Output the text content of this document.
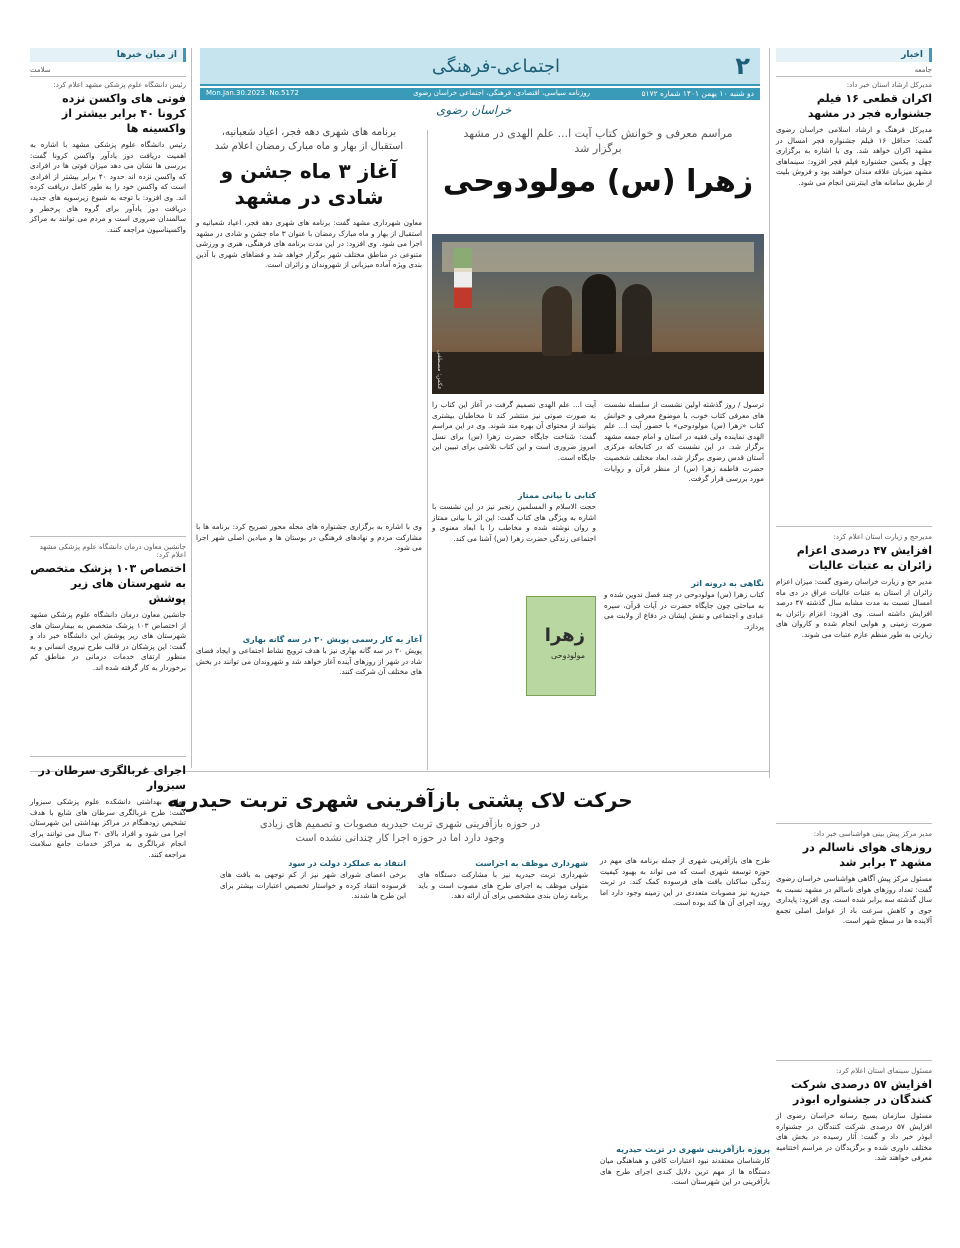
۲
اجتماعی-فرهنگی
دو شنبه ۱۰ بهمن ۱۴۰۱ شماره ۵۱۷۲
روزنامه سیاسی، اقتصادی، فرهنگی، اجتماعی خراسان رضوی
Mon.Jan.30.2023. No.5172
خراسان رضوی
اخبار
جامعه
مدیرکل ارشاد استان خبر داد:
اکران قطعی ۱۶ فیلم جشنواره فجر در مشهد
مدیرکل فرهنگ و ارشاد اسلامی خراسان رضوی گفت: حداقل ۱۶ فیلم جشنواره فجر امسال در مشهد اکران خواهد شد. وی با اشاره به برگزاری چهل و یکمین جشنواره فیلم فجر افزود: سینماهای مشهد میزبان علاقه مندان خواهند بود و فروش بلیت از طریق سامانه های اینترنتی انجام می شود.
مدیرحج و زیارت استان اعلام کرد:
افزایش ۴۷ درصدی اعزام زائران به عتبات عالیات
مدیر حج و زیارت خراسان رضوی گفت: میزان اعزام زائران از استان به عتبات عالیات عراق در دی ماه امسال نسبت به مدت مشابه سال گذشته ۴۷ درصد افزایش داشته است. وی افزود: اعزام زائران به صورت زمینی و هوایی انجام شده و کاروان های زیارتی به طور منظم عازم عتبات می شوند.
مدیر مرکز پیش بینی هواشناسی خبر داد:
روزهای هوای ناسالم در مشهد ۳ برابر شد
مسئول مرکز پیش آگاهی هواشناسی خراسان رضوی گفت: تعداد روزهای هوای ناسالم در مشهد نسبت به سال گذشته سه برابر شده است. وی افزود: پایداری جوی و کاهش سرعت باد از عوامل اصلی تجمع آلاینده ها در سطح شهر است.
مسئول سینمای استان اعلام کرد:
افزایش ۵۷ درصدی شرکت کنندگان در جشنواره ابوذر
مسئول سازمان بسیج رسانه خراسان رضوی از افزایش ۵۷ درصدی شرکت کنندگان در جشنواره ابوذر خبر داد و گفت: آثار رسیده در بخش های مختلف داوری شده و برگزیدگان در مراسم اختتامیه معرفی خواهند شد.
از میان خبرها
سلامت
رئیس دانشگاه علوم پزشکی مشهد اعلام کرد:
فوتی های واکسن نزده کرونا ۴۰ برابر بیشتر از واکسینه ها
رئیس دانشگاه علوم پزشکی مشهد با اشاره به اهمیت دریافت دوز یادآور واکسن کرونا گفت: بررسی ها نشان می دهد میزان فوتی ها در افرادی که واکسن نزده اند حدود ۴۰ برابر بیشتر از افرادی است که واکسن خود را به طور کامل دریافت کرده اند. وی افزود: با توجه به شیوع زیرسویه های جدید، دریافت دوز یادآور برای گروه های پرخطر و سالمندان ضروری است و مردم می توانند به مراکز واکسیناسیون مراجعه کنند.
جانشین معاون درمان دانشگاه علوم پزشکی مشهد اعلام کرد:
اختصاص ۱۰۳ پزشک متخصص به شهرستان های زیر پوشش
جانشین معاون درمان دانشگاه علوم پزشکی مشهد از اختصاص ۱۰۳ پزشک متخصص به بیمارستان های شهرستان های زیر پوشش این دانشگاه خبر داد و گفت: این پزشکان در قالب طرح نیروی انسانی و به منظور ارتقای خدمات درمانی در مناطق کم برخوردار به کار گرفته شده اند.
اجرای غربالگری سرطان در سبزوار
معاون بهداشتی دانشکده علوم پزشکی سبزوار گفت: طرح غربالگری سرطان های شایع با هدف تشخیص زودهنگام در مراکز بهداشتی این شهرستان اجرا می شود و افراد بالای ۳۰ سال می توانند برای انجام غربالگری به مراکز خدمات جامع سلامت مراجعه کنند.
مراسم معرفی و خوانش کتاب آیت ا... علم الهدی در مشهد برگزار شد
زهرا (س) مولودوحی
عکس: مصطفی
ترسول / روز گذشته اولین نشست از سلسله نشست های معرفی کتاب خوب، با موضوع معرفی و خوانش کتاب «زهرا (س) مولودوحی» با حضور آیت ا... علم الهدی نماینده ولی فقیه در استان و امام جمعه مشهد برگزار شد. در این نشست که در کتابخانه مرکزی آستان قدس رضوی برگزار شد، ابعاد مختلف شخصیت حضرت فاطمه زهرا (س) از منظر قرآن و روایات مورد بررسی قرار گرفت.
آیت ا... علم الهدی تصمیم گرفت در آغاز این کتاب را به صورت صوتی نیز منتشر کند تا مخاطبان بیشتری بتوانند از محتوای آن بهره مند شوند. وی در این مراسم گفت: شناخت جایگاه حضرت زهرا (س) برای نسل امروز ضروری است و این کتاب تلاشی برای تبیین این جایگاه است.
کتابی با بیانی ممتاز
حجت الاسلام و المسلمین رنجبر نیز در این نشست با اشاره به ویژگی های کتاب گفت: این اثر با بیانی ممتاز و روان نوشته شده و مخاطب را با ابعاد معنوی و اجتماعی زندگی حضرت زهرا (س) آشنا می کند.
زهرا
مولودوحی
نگاهی به درونه اثر
کتاب زهرا (س) مولودوحی در چند فصل تدوین شده و به مباحثی چون جایگاه حضرت در آیات قرآن، سیره عبادی و اجتماعی و نقش ایشان در دفاع از ولایت می پردازد.
برنامه های شهری دهه فجر، اعیاد شعبانیه، استقبال از بهار و ماه مبارک رمضان اعلام شد
آغاز ۳ ماه جشن و شادی در مشهد
معاون شهرداری مشهد گفت: برنامه های شهری دهه فجر، اعیاد شعبانیه و استقبال از بهار و ماه مبارک رمضان با عنوان ۳ ماه جشن و شادی در مشهد اجرا می شود. وی افزود: در این مدت برنامه های فرهنگی، هنری و ورزشی متنوعی در مناطق مختلف شهر برگزار خواهد شد و فضاهای شهری با آذین بندی ویژه آماده میزبانی از شهروندان و زائران است.
وی با اشاره به برگزاری جشنواره های محله محور تصریح کرد: برنامه ها با مشارکت مردم و نهادهای فرهنگی در بوستان ها و میادین اصلی شهر اجرا می شود.
آغاز به کار رسمی پویش ۳۰ در سه گانه بهاری
پویش ۳۰ در سه گانه بهاری نیز با هدف ترویج نشاط اجتماعی و ایجاد فضای شاد در شهر از روزهای آینده آغاز خواهد شد و شهروندان می توانند در بخش های مختلف آن شرکت کنند.
حرکت لاک پشتی بازآفرینی شهری تربت حیدریه
در حوزه بازآفرینی شهری تربت حیدریه مصوبات و تصمیم های زیادی وجود دارد اما در حوزه اجرا کار چندانی نشده است
طرح های بازآفرینی شهری از جمله برنامه های مهم در حوزه توسعه شهری است که می تواند به بهبود کیفیت زندگی ساکنان بافت های فرسوده کمک کند. در تربت حیدریه نیز مصوبات متعددی در این زمینه وجود دارد اما روند اجرای آن ها کند بوده است.
پروژه بازآفرینی شهری در تربت حیدریه
کارشناسان معتقدند نبود اعتبارات کافی و هماهنگی میان دستگاه ها از مهم ترین دلایل کندی اجرای طرح های بازآفرینی در این شهرستان است.
شهرداری موظف به اجراست
شهرداری تربت حیدریه نیز با مشارکت دستگاه های متولی موظف به اجرای طرح های مصوب است و باید برنامه زمان بندی مشخصی برای آن ارائه دهد.
انتقاد به عملکرد دولت در سود
برخی اعضای شورای شهر نیز از کم توجهی به بافت های فرسوده انتقاد کرده و خواستار تخصیص اعتبارات بیشتر برای این طرح ها شدند.
